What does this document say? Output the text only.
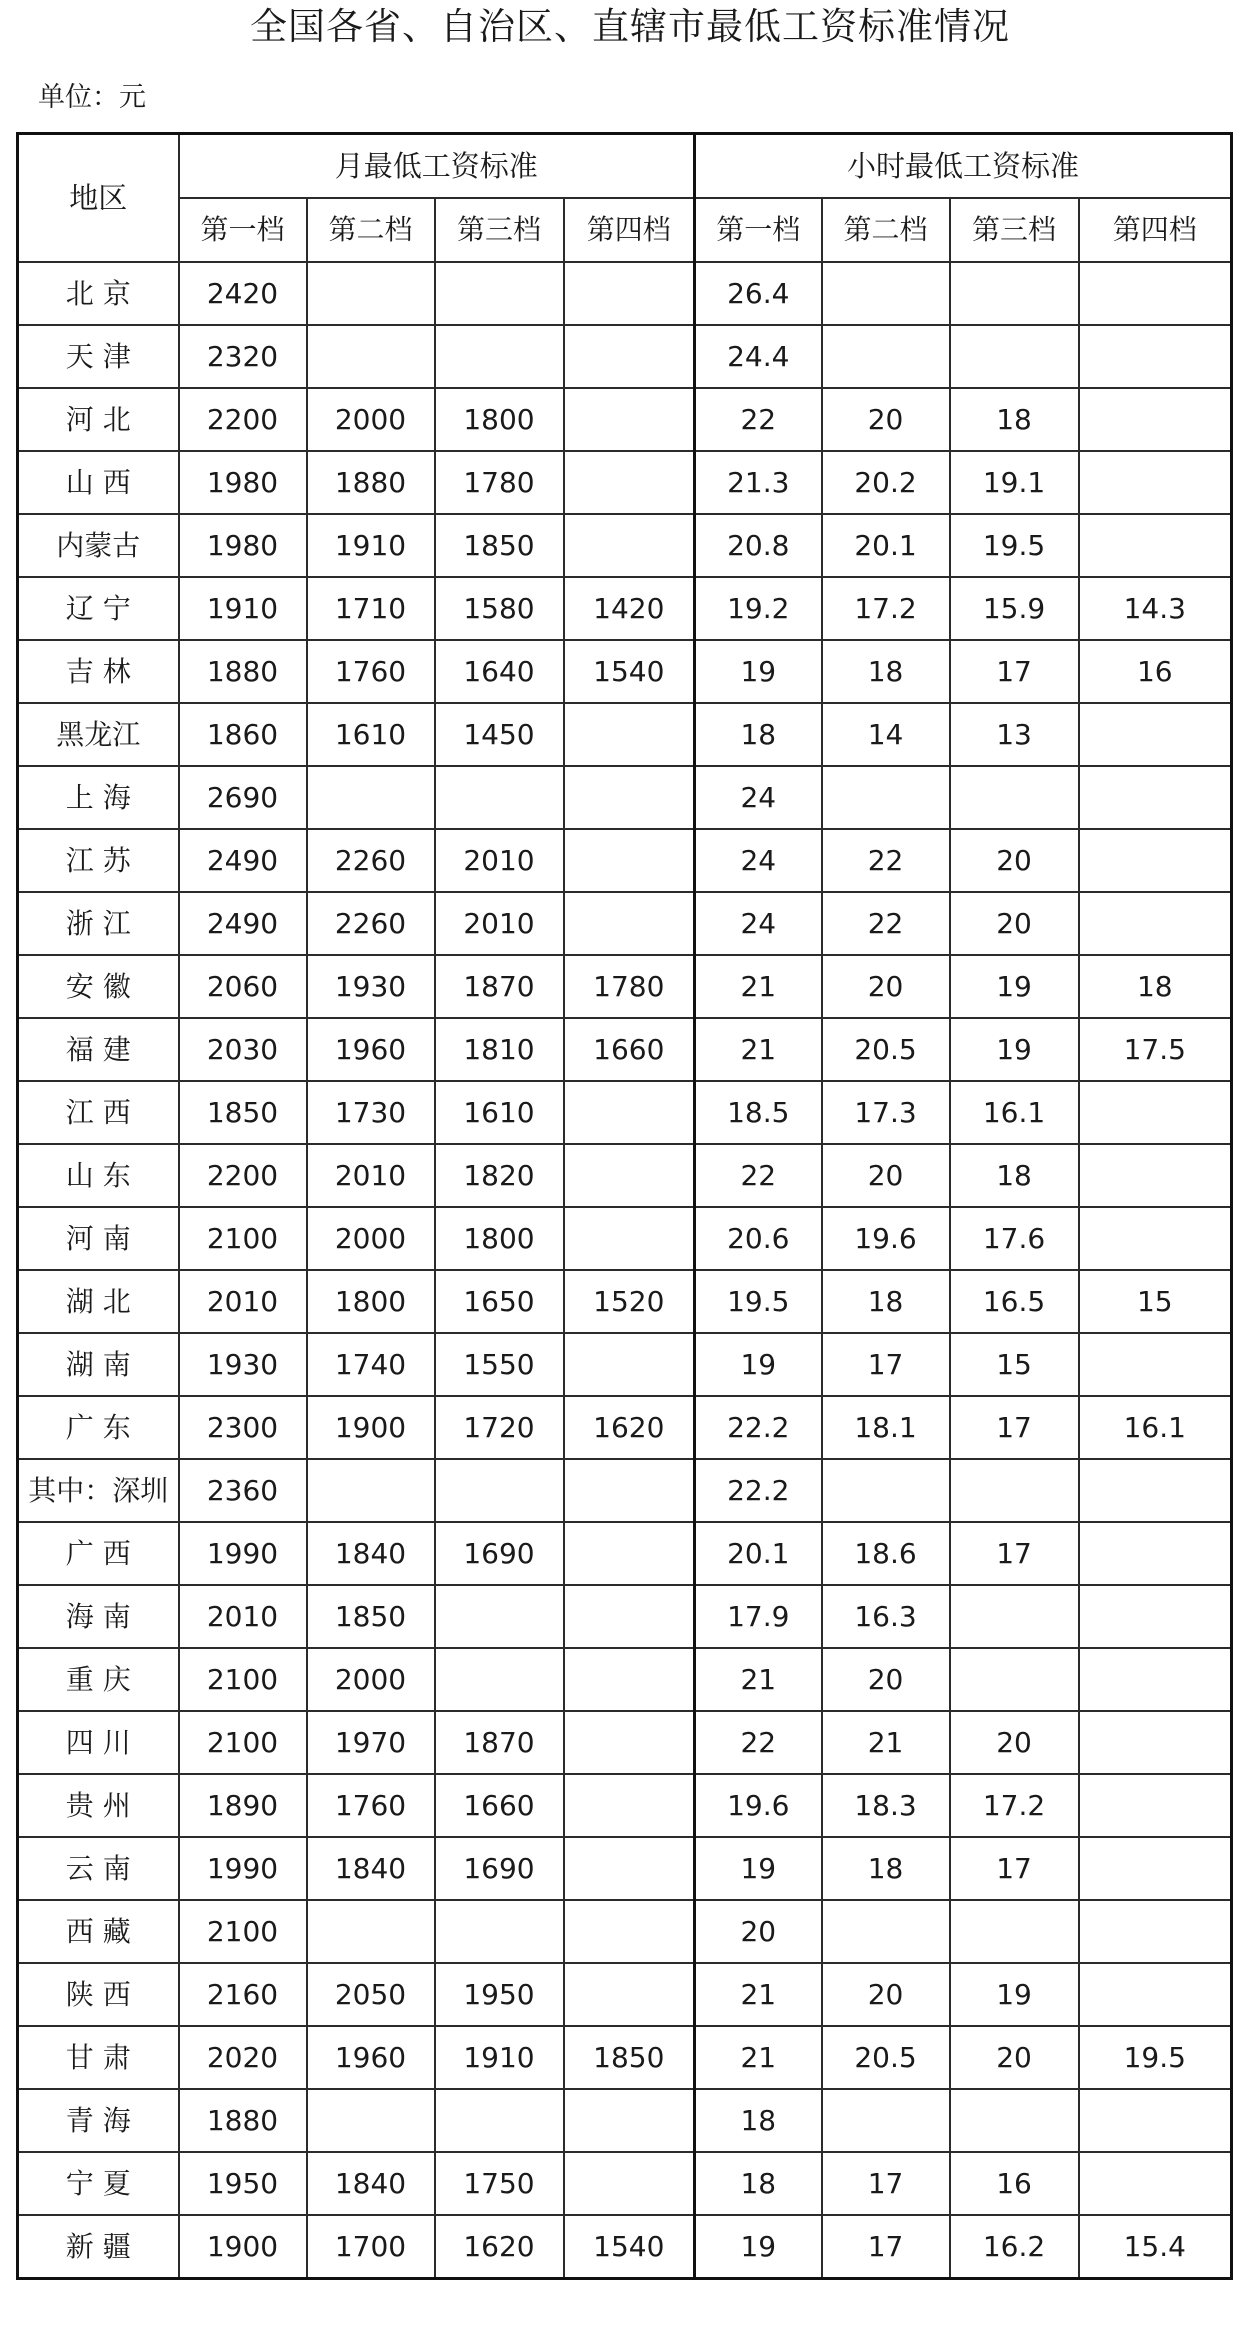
全国各省、自治区、直辖市最低工资标准情况
单位：元
地区	月最低工资标准				小时最低工资标准			
	第一档	第二档	第三档	第四档	第一档	第二档	第三档	第四档
北 京	2420				26.4			
天 津	2320				24.4			
河 北	2200	2000	1800		22	20	18	
山 西	1980	1880	1780		21.3	20.2	19.1	
内蒙古	1980	1910	1850		20.8	20.1	19.5	
辽 宁	1910	1710	1580	1420	19.2	17.2	15.9	14.3
吉 林	1880	1760	1640	1540	19	18	17	16
黑龙江	1860	1610	1450		18	14	13	
上 海	2690				24			
江 苏	2490	2260	2010		24	22	20	
浙 江	2490	2260	2010		24	22	20	
安 徽	2060	1930	1870	1780	21	20	19	18
福 建	2030	1960	1810	1660	21	20.5	19	17.5
江 西	1850	1730	1610		18.5	17.3	16.1	
山 东	2200	2010	1820		22	20	18	
河 南	2100	2000	1800		20.6	19.6	17.6	
湖 北	2010	1800	1650	1520	19.5	18	16.5	15
湖 南	1930	1740	1550		19	17	15	
广 东	2300	1900	1720	1620	22.2	18.1	17	16.1
其中：深圳	2360				22.2			
广 西	1990	1840	1690		20.1	18.6	17	
海 南	2010	1850			17.9	16.3		
重 庆	2100	2000			21	20		
四 川	2100	1970	1870		22	21	20	
贵 州	1890	1760	1660		19.6	18.3	17.2	
云 南	1990	1840	1690		19	18	17	
西 藏	2100				20			
陕 西	2160	2050	1950		21	20	19	
甘 肃	2020	1960	1910	1850	21	20.5	20	19.5
青 海	1880				18			
宁 夏	1950	1840	1750		18	17	16	
新 疆	1900	1700	1620	1540	19	17	16.2	15.4
